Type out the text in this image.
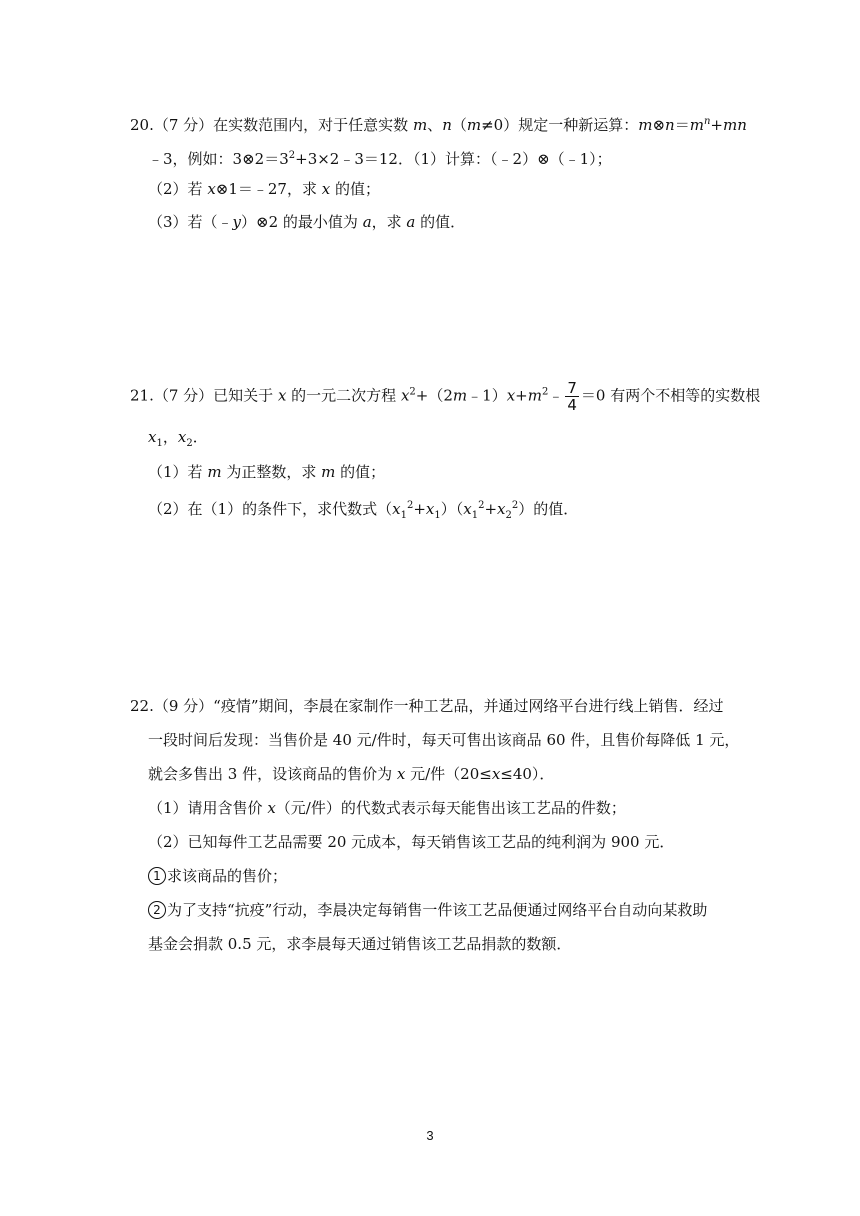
20.（7 分）在实数范围内，对于任意实数 m、n（m≠0）规定一种新运算：$m\otimes n=m^n+mn$
﹣3，例如：$3\otimes 2=3^2+3\times 2﹣3=12$．（1）计算：（﹣2）⊗（﹣1）；
（2）若 x⊗1＝﹣27，求 x 的值；
（3）若（﹣y）⊗2 的最小值为 a，求 a 的值．
21.（7 分）已知关于 x 的一元二次方程 $x^2+(2m﹣1)x+m^2﹣ \frac{7}{4} =0$ 有两个不相等的实数根
$x_1$，$x_2$．
（1）若 m 为正整数，求 m 的值；
（2）在（1）的条件下，求代数式$(x_1^2+x_1)(x_1^2+x_2^2)$的值．
22.（9 分）“疫情”期间，李晨在家制作一种工艺品，并通过网络平台进行线上销售．经过
一段时间后发现：当售价是 40 元/件时，每天可售出该商品 60 件，且售价每降低 1 元，
就会多售出 3 件，设该商品的售价为 x 元/件（20≤x≤40）．
（1）请用含售价 x（元/件）的代数式表示每天能售出该工艺品的件数；
（2）已知每件工艺品需要 20 元成本，每天销售该工艺品的纯利润为 900 元．
1 求该商品的售价；
2 为了支持“抗疫”行动，李晨决定每销售一件该工艺品便通过网络平台自动向某救助
基金会捐款 0.5 元，求李晨每天通过销售该工艺品捐款的数额．
3
